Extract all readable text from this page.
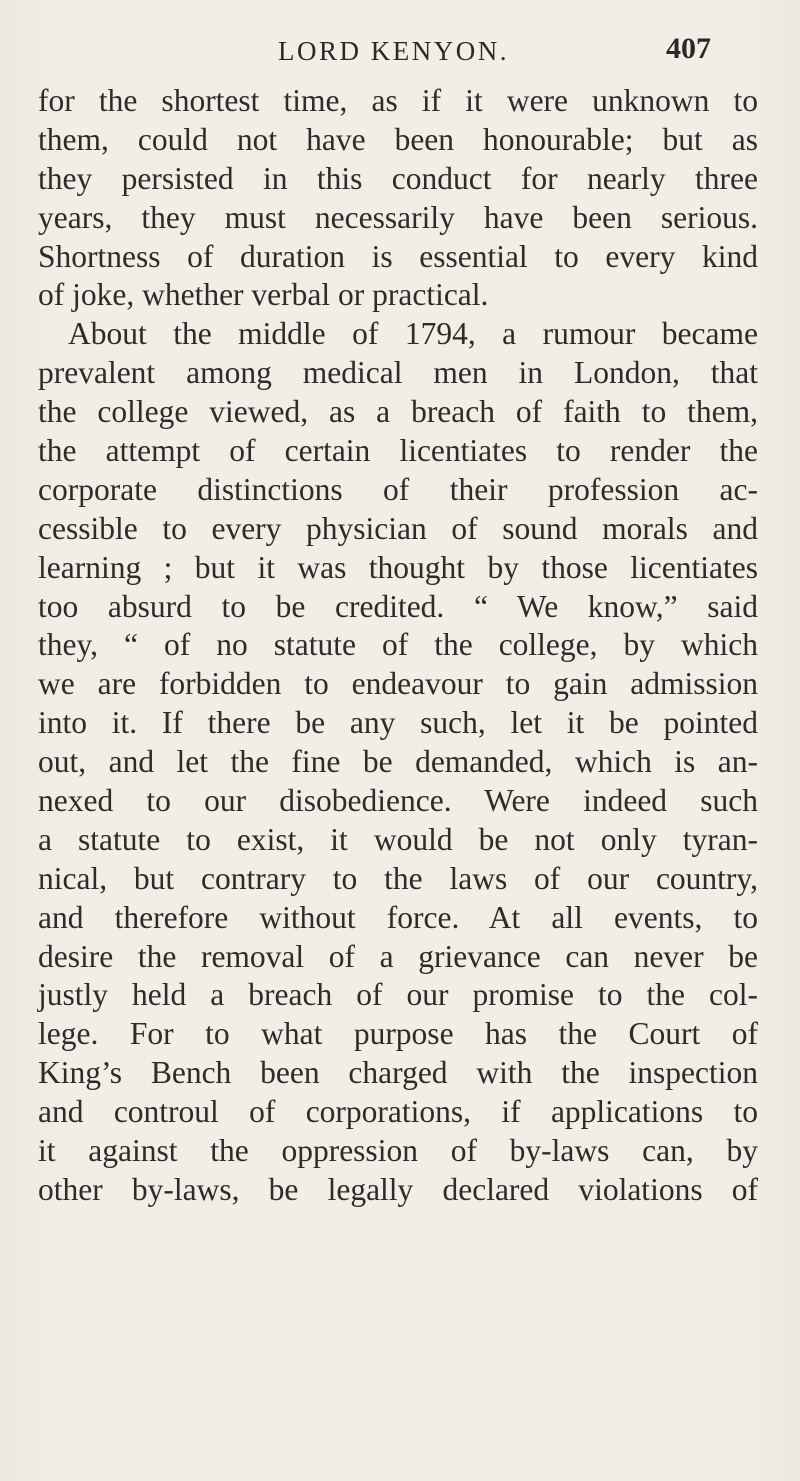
LORD KENYON.	407
for the shortest time, as if it were unknown to
them, could not have been honourable; but as
they persisted in this conduct for nearly three
years, they must necessarily have been serious.
Shortness of duration is essential to every kind
of joke, whether verbal or practical.
About the middle of 1794, a rumour became
prevalent among medical men in London, that
the college viewed, as a breach of faith to them,
the attempt of certain licentiates to render the
corporate distinctions of their profession ac-
cessible to every physician of sound morals and
learning ; but it was thought by those licentiates
too absurd to be credited. “ We know,” said
they, “ of no statute of the college, by which
we are forbidden to endeavour to gain admission
into it. If there be any such, let it be pointed
out, and let the fine be demanded, which is an-
nexed to our disobedience. Were indeed such
a statute to exist, it would be not only tyran-
nical, but contrary to the laws of our country,
and therefore without force. At all events, to
desire the removal of a grievance can never be
justly held a breach of our promise to the col-
lege. For to what purpose has the Court of
King’s Bench been charged with the inspection
and controul of corporations, if applications to
it against the oppression of by-laws can, by
other by-laws, be legally declared violations of
